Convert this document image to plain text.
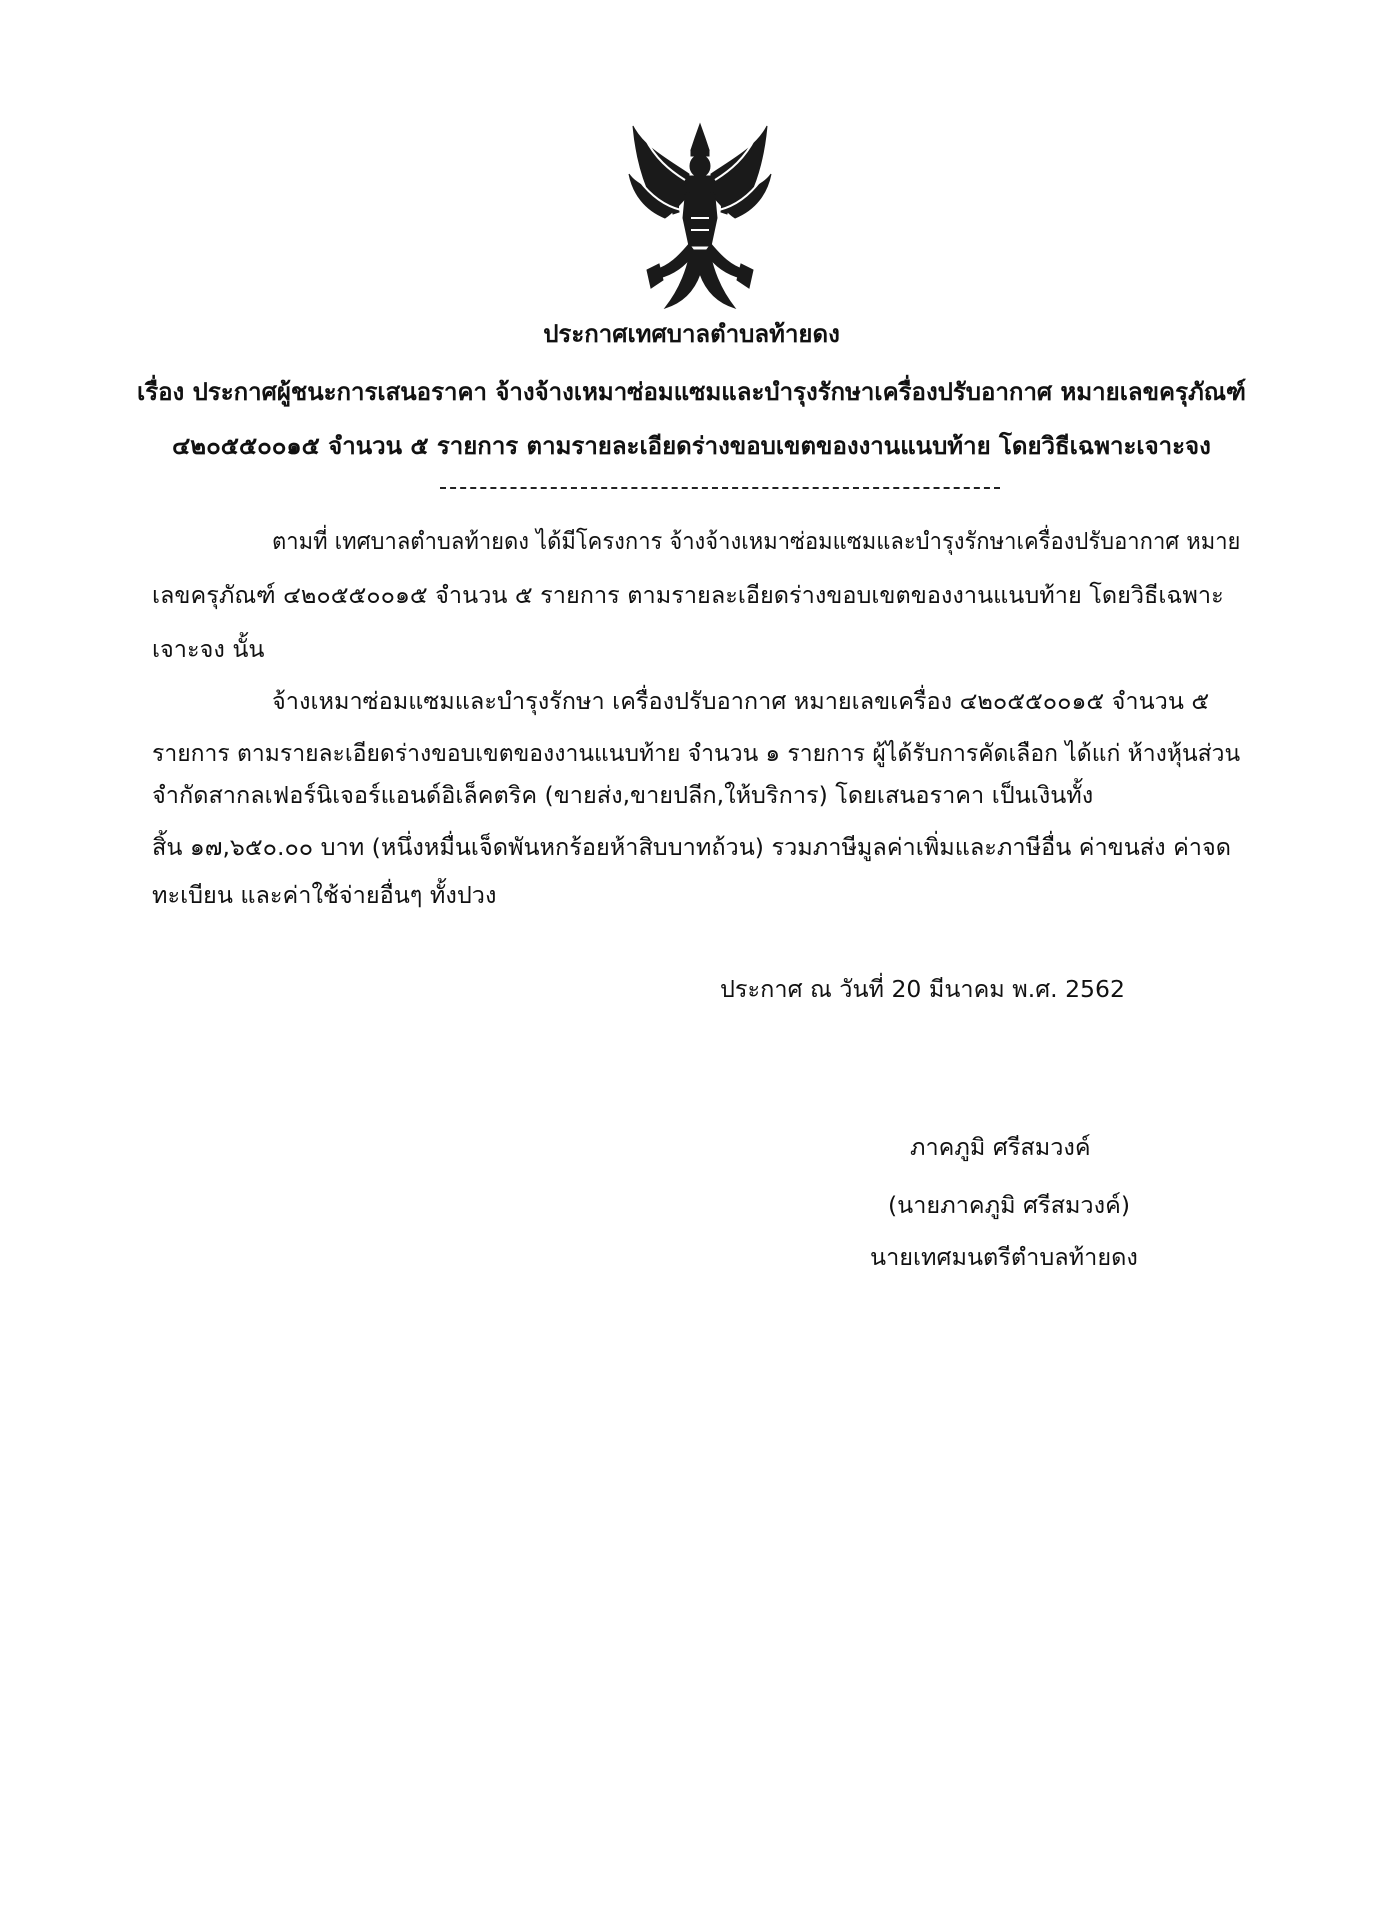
ประกาศเทศบาลตำบลท้ายดง
เรื่อง ประกาศผู้ชนะการเสนอราคา จ้างจ้างเหมาซ่อมแซมและบำรุงรักษาเครื่องปรับอากาศ หมายเลขครุภัณฑ์
๔๒๐๕๕๐๐๑๕ จำนวน ๕ รายการ ตามรายละเอียดร่างขอบเขตของงานแนบท้าย โดยวิธีเฉพาะเจาะจง
ตามที่ เทศบาลตำบลท้ายดง ได้มีโครงการ จ้างจ้างเหมาซ่อมแซมและบำรุงรักษาเครื่องปรับอากาศ หมาย
เลขครุภัณฑ์ ๔๒๐๕๕๐๐๑๕ จำนวน ๕ รายการ ตามรายละเอียดร่างขอบเขตของงานแนบท้าย โดยวิธีเฉพาะ
เจาะจง นั้น
จ้างเหมาซ่อมแซมและบำรุงรักษา เครื่องปรับอากาศ หมายเลขเครื่อง ๔๒๐๕๕๐๐๑๕ จำนวน ๕
รายการ ตามรายละเอียดร่างขอบเขตของงานแนบท้าย จำนวน ๑ รายการ ผู้ได้รับการคัดเลือก ได้แก่ ห้างหุ้นส่วน
จำกัดสากลเฟอร์นิเจอร์แอนด์อิเล็คตริค (ขายส่ง,ขายปลีก,ให้บริการ) โดยเสนอราคา เป็นเงินทั้ง
สิ้น ๑๗,๖๕๐.๐๐ บาท (หนึ่งหมื่นเจ็ดพันหกร้อยห้าสิบบาทถ้วน) รวมภาษีมูลค่าเพิ่มและภาษีอื่น ค่าขนส่ง ค่าจด
ทะเบียน และค่าใช้จ่ายอื่นๆ ทั้งปวง
ประกาศ ณ วันที่ 20 มีนาคม พ.ศ. 2562
ภาคภูมิ ศรีสมวงค์
(นายภาคภูมิ ศรีสมวงค์)
นายเทศมนตรีตำบลท้ายดง
